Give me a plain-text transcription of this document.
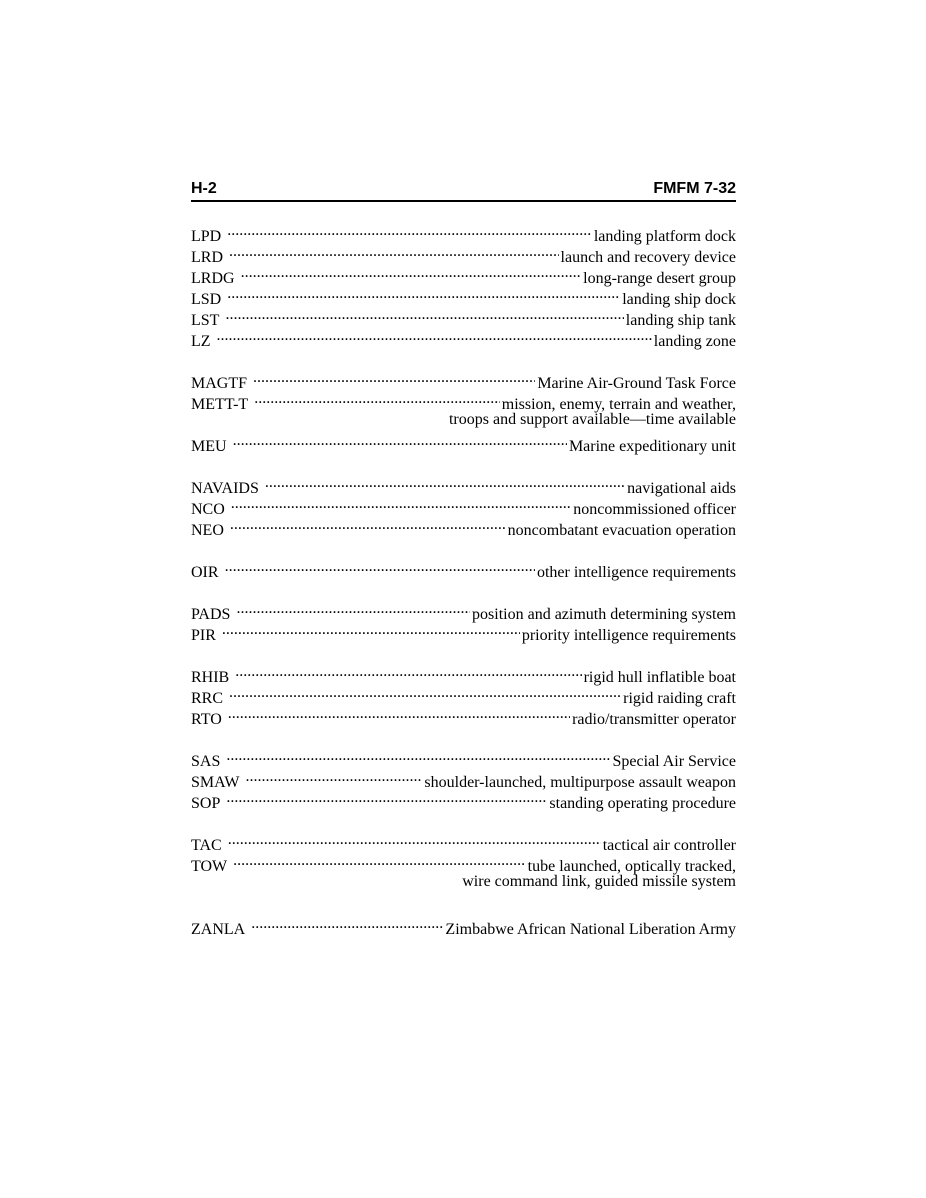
H-2	FMFM 7-32
LPD .....	landing platform dock
LRD .....	launch and recovery device
LRDG .....	long-range desert group
LSD .....	landing ship dock
LST .....	landing ship tank
LZ .....	landing zone
MAGTF .....	Marine Air-Ground Task Force
METT-T .....	mission, enemy, terrain and weather,
troops and support available—time available
MEU .....	Marine expeditionary unit
NAVAIDS .....	navigational aids
NCO .....	noncommissioned officer
NEO .....	noncombatant evacuation operation
OIR .....	other intelligence requirements
PADS .....	position and azimuth determining system
PIR .....	priority intelligence requirements
RHIB .....	rigid hull inflatible boat
RRC .....	rigid raiding craft
RTO .....	radio/transmitter operator
SAS .....	Special Air Service
SMAW .....	shoulder-launched, multipurpose assault weapon
SOP .....	standing operating procedure
TAC .....	tactical air controller
TOW .....	tube launched, optically tracked,
wire command link, guided missile system
ZANLA .....	Zimbabwe African National Liberation Army
